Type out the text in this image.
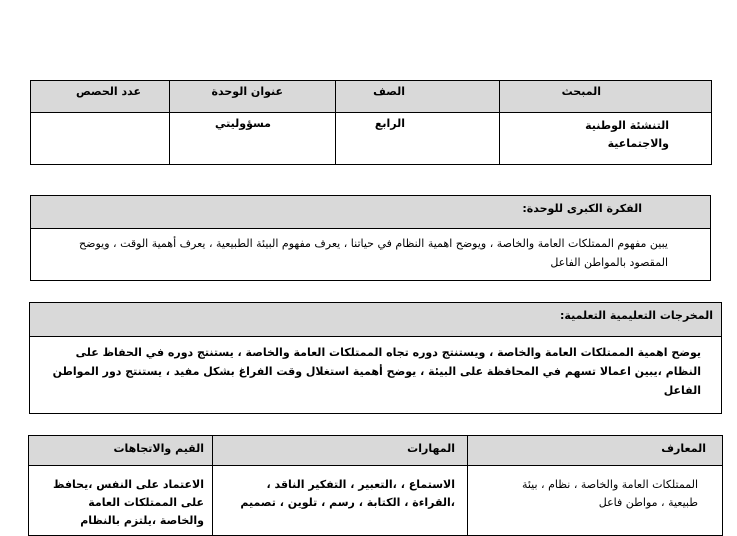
المبحث	الصف	عنوان الوحدة	عدد الحصص

التنشئة الوطنية والاجتماعية	الرابع	مسؤوليتي	

الفكرة الكبرى للوحدة:
يبين مفهوم الممتلكات العامة والخاصة ، ويوضح اهمية النظام في حياتنا ، يعرف مفهوم البيئة الطبيعية ، يعرف أهمية الوقت ، ويوضح المقصود بالمواطن الفاعل
المخرجات التعليمية التعلمية:
يوضح اهمية الممتلكات العامة والخاصة ، ويستنتج دوره تجاه الممتلكات العامة والخاصة ، يستنتج دوره في الحفاظ على النظام ،يبين اعمالا تسهم في المحافظة على البيئة ، يوضح أهمية استغلال وقت الفراغ بشكل مفيد ، يستنتج دور المواطن الفاعل
المعارف	المهارات	القيم والاتجاهات
الممتلكات العامة والخاصة ، نظام ، بيئة طبيعية ، مواطن فاعل	الاستماع ، ،التعبير ، التفكير الناقد ، ،القراءة ، الكتابة ، رسم ، تلوين ، تصميم	الاعتماد على النفس ،يحافظ على الممتلكات العامة والخاصة ،يلتزم بالنظام
